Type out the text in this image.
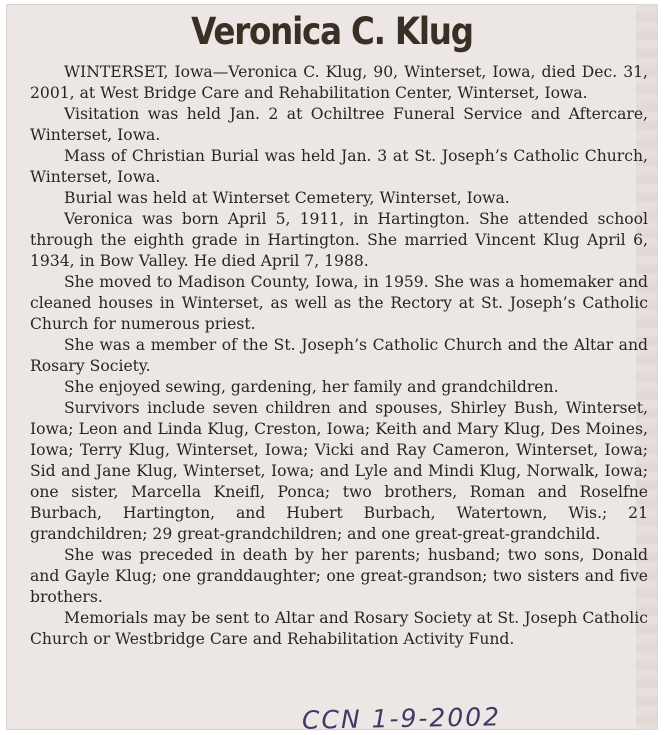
Veronica C. Klug

WINTERSET, Iowa—Veronica C. Klug, 90, Winterset, Iowa, died Dec. 31, 2001, at West Bridge Care and Rehabilitation Center, Winterset, Iowa.

Visitation was held Jan. 2 at Ochiltree Funeral Service and Aftercare, Winterset, Iowa.

Mass of Christian Burial was held Jan. 3 at St. Joseph’s Catholic Church, Winterset, Iowa.

Burial was held at Winterset Cemetery, Winterset, Iowa.

Veronica was born April 5, 1911, in Hartington. She attended school through the eighth grade in Hartington. She married Vincent Klug April 6, 1934, in Bow Valley. He died April 7, 1988.

She moved to Madison County, Iowa, in 1959. She was a homemaker and cleaned houses in Winterset, as well as the Rectory at St. Joseph’s Catholic Church for numerous priest.

She was a member of the St. Joseph’s Catholic Church and the Altar and Rosary Society.

She enjoyed sewing, gardening, her family and grandchildren.

Survivors include seven children and spouses, Shirley Bush, Winterset, Iowa; Leon and Linda Klug, Creston, Iowa; Keith and Mary Klug, Des Moines, Iowa; Terry Klug, Winterset, Iowa; Vicki and Ray Cameron, Winterset, Iowa; Sid and Jane Klug, Winterset, Iowa; and Lyle and Mindi Klug, Norwalk, Iowa; one sister, Marcella Kneifl, Ponca; two brothers, Roman and Roselfne Burbach, Hartington, and Hubert Burbach, Watertown, Wis.; 21 grandchildren; 29 great-grandchildren; and one great-great-grandchild.

She was preceded in death by her parents; husband; two sons, Donald and Gayle Klug; one granddaughter; one great-grandson; two sisters and five brothers.

Memorials may be sent to Altar and Rosary Society at St. Joseph Catholic Church or Westbridge Care and Rehabilitation Activity Fund.

CCN 1-9-2002
